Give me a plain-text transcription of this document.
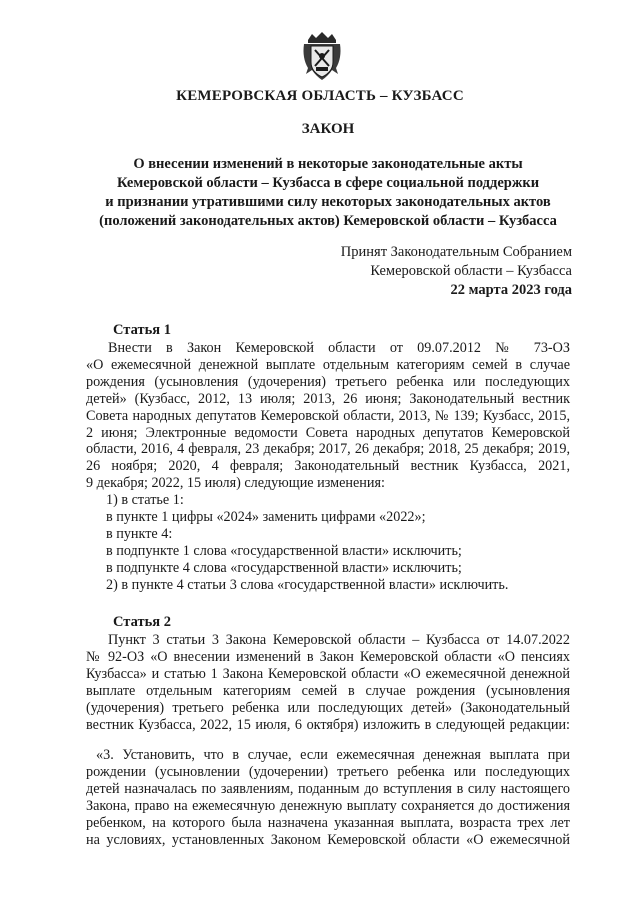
КЕМЕРОВСКАЯ ОБЛАСТЬ – КУЗБАСС
ЗАКОН
О внесении изменений в некоторые законодательные акты
Кемеровской области – Кузбасса в сфере социальной поддержки
и признании утратившими силу некоторых законодательных актов
(положений законодательных актов) Кемеровской области – Кузбасса
Принят Законодательным Собранием
Кемеровской области – Кузбасса
22 марта 2023 года
Статья 1
Внести в Закон Кемеровской области от 09.07.2012 № 73-ОЗ
«О ежемесячной денежной выплате отдельным категориям семей в случае
рождения (усыновления (удочерения) третьего ребенка или последующих
детей» (Кузбасс, 2012, 13 июля; 2013, 26 июня; Законодательный вестник
Совета народных депутатов Кемеровской области, 2013, № 139; Кузбасс, 2015,
2 июня; Электронные ведомости Совета народных депутатов Кемеровской
области, 2016, 4 февраля, 23 декабря; 2017, 26 декабря; 2018, 25 декабря; 2019,
26 ноября; 2020, 4 февраля; Законодательный вестник Кузбасса, 2021,
9 декабря; 2022, 15 июля) следующие изменения:
1) в статье 1:
в пункте 1 цифры «2024» заменить цифрами «2022»;
в пункте 4:
в подпункте 1 слова «государственной власти» исключить;
в подпункте 4 слова «государственной власти» исключить;
2) в пункте 4 статьи 3 слова «государственной власти» исключить.
Статья 2
Пункт 3 статьи 3 Закона Кемеровской области – Кузбасса от 14.07.2022
№ 92-ОЗ «О внесении изменений в Закон Кемеровской области «О пенсиях
Кузбасса» и статью 1 Закона Кемеровской области «О ежемесячной денежной
выплате отдельным категориям семей в случае рождения (усыновления
(удочерения) третьего ребенка или последующих детей» (Законодательный
вестник Кузбасса, 2022, 15 июля, 6 октября) изложить в следующей редакции:
«3. Установить, что в случае, если ежемесячная денежная выплата при
рождении (усыновлении (удочерении) третьего ребенка или последующих
детей назначалась по заявлениям, поданным до вступления в силу настоящего
Закона, право на ежемесячную денежную выплату сохраняется до достижения
ребенком, на которого была назначена указанная выплата, возраста трех лет
на условиях, установленных Законом Кемеровской области «О ежемесячной
